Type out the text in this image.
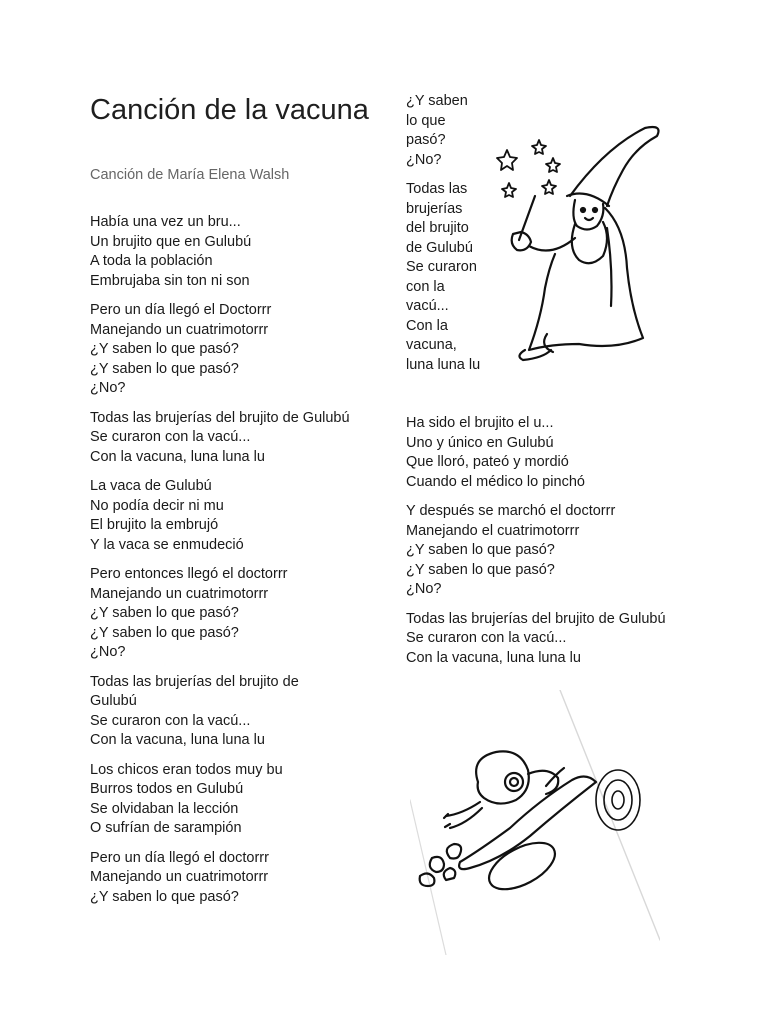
Canción de la vacuna
Canción de María Elena Walsh

Había una vez un bru...
Un brujito que en Gulubú
A toda la población
Embrujaba sin ton ni son

Pero un día llegó el Doctorrr
Manejando un cuatrimotorrr
¿Y saben lo que pasó?
¿Y saben lo que pasó?
¿No?

Todas las brujerías del brujito de Gulubú
Se curaron con la vacú...
Con la vacuna, luna luna lu

La vaca de Gulubú
No podía decir ni mu
El brujito la embrujó
Y la vaca se enmudeció

Pero entonces llegó el doctorrr
Manejando un cuatrimotorrr
¿Y saben lo que pasó?
¿Y saben lo que pasó?
¿No?

Todas las brujerías del brujito de
Gulubú
Se curaron con la vacú...
Con la vacuna, luna luna lu

Los chicos eran todos muy bu
Burros todos en Gulubú
Se olvidaban la lección
O sufrían de sarampión

Pero un día llegó el doctorrr
Manejando un cuatrimotorrr
¿Y saben lo que pasó?

¿Y saben
lo que
pasó?
¿No?

Todas las
brujerías
del brujito
de Gulubú
Se curaron
con la
vacú...
Con la
vacuna,
luna luna lu

Ha sido el brujito el u...
Uno y único en Gulubú
Que lloró, pateó y mordió
Cuando el médico lo pinchó

Y después se marchó el doctorrr
Manejando el cuatrimotorrr
¿Y saben lo que pasó?
¿Y saben lo que pasó?
¿No?

Todas las brujerías del brujito de Gulubú
Se curaron con la vacú...
Con la vacuna, luna luna lu
